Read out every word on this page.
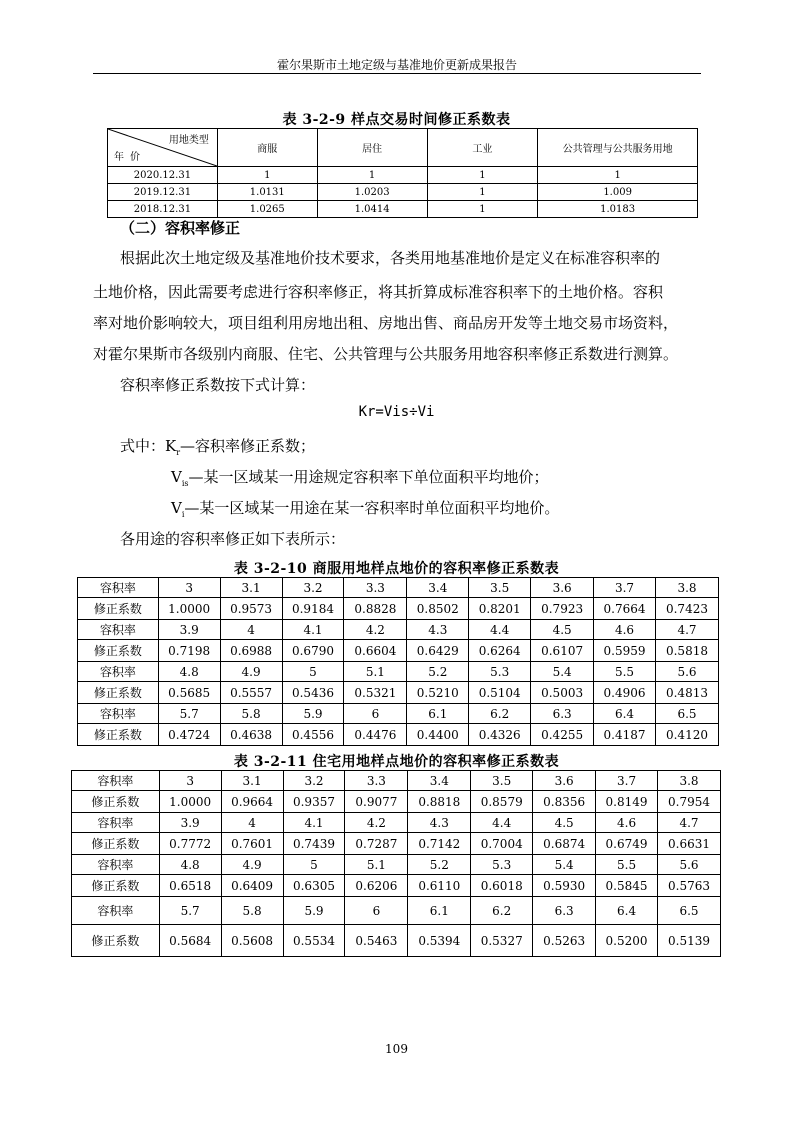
霍尔果斯市土地定级与基准地价更新成果报告
表 3-2-9 样点交易时间修正系数表
用地类型
年价	商服	居住	工业	公共管理与公共服务用地
2020.12.31	1	1	1	1
2019.12.31	1.0131	1.0203	1	1.009
2018.12.31	1.0265	1.0414	1	1.0183
（二）容积率修正
根据此次土地定级及基准地价技术要求，各类用地基准地价是定义在标准容积率的
土地价格，因此需要考虑进行容积率修正，将其折算成标准容积率下的土地价格。容积
率对地价影响较大，项目组利用房地出租、房地出售、商品房开发等土地交易市场资料，
对霍尔果斯市各级别内商服、住宅、公共管理与公共服务用地容积率修正系数进行测算。
容积率修正系数按下式计算：
Kr=Vis÷Vi
式中：$K_r—$容积率修正系数；
$V_{is}—$某一区域某一用途规定容积率下单位面积平均地价；
$V_i—$某一区域某一用途在某一容积率时单位面积平均地价。
各用途的容积率修正如下表所示：
表 3-2-10 商服用地样点地价的容积率修正系数表
容积率	3	3.1	3.2	3.3	3.4	3.5	3.6	3.7	3.8
修正系数	1.0000	0.9573	0.9184	0.8828	0.8502	0.8201	0.7923	0.7664	0.7423
容积率	3.9	4	4.1	4.2	4.3	4.4	4.5	4.6	4.7
修正系数	0.7198	0.6988	0.6790	0.6604	0.6429	0.6264	0.6107	0.5959	0.5818
容积率	4.8	4.9	5	5.1	5.2	5.3	5.4	5.5	5.6
修正系数	0.5685	0.5557	0.5436	0.5321	0.5210	0.5104	0.5003	0.4906	0.4813
容积率	5.7	5.8	5.9	6	6.1	6.2	6.3	6.4	6.5
修正系数	0.4724	0.4638	0.4556	0.4476	0.4400	0.4326	0.4255	0.4187	0.4120
表 3-2-11 住宅用地样点地价的容积率修正系数表
容积率	3	3.1	3.2	3.3	3.4	3.5	3.6	3.7	3.8
修正系数	1.0000	0.9664	0.9357	0.9077	0.8818	0.8579	0.8356	0.8149	0.7954
容积率	3.9	4	4.1	4.2	4.3	4.4	4.5	4.6	4.7
修正系数	0.7772	0.7601	0.7439	0.7287	0.7142	0.7004	0.6874	0.6749	0.6631
容积率	4.8	4.9	5	5.1	5.2	5.3	5.4	5.5	5.6
修正系数	0.6518	0.6409	0.6305	0.6206	0.6110	0.6018	0.5930	0.5845	0.5763
容积率	5.7	5.8	5.9	6	6.1	6.2	6.3	6.4	6.5
修正系数	0.5684	0.5608	0.5534	0.5463	0.5394	0.5327	0.5263	0.5200	0.5139
109
